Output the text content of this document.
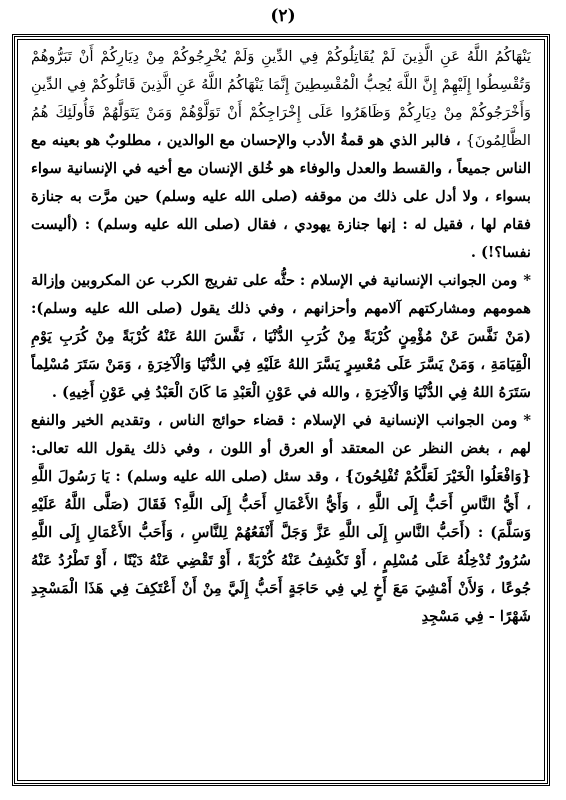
(٢)

يَنْهَاكُمُ اللَّهُ عَنِ الَّذِينَ لَمْ يُقَاتِلُوكُمْ فِي الدِّينِ وَلَمْ يُخْرِجُوكُمْ مِنْ دِيَارِكُمْ أَنْ تَبَرُّوهُمْ وَتُقْسِطُوا إِلَيْهِمْ إِنَّ اللَّهَ يُحِبُّ الْمُقْسِطِينَ إِنَّمَا يَنْهَاكُمُ اللَّهُ عَنِ الَّذِينَ قَاتَلُوكُمْ فِي الدِّينِ وَأَخْرَجُوكُمْ مِنْ دِيَارِكُمْ وَظَاهَرُوا عَلَى إِخْرَاجِكُمْ أَنْ تَوَلَّوْهُمْ وَمَنْ يَتَوَلَّهُمْ فَأُولَئِكَ هُمُ الظَّالِمُونَ} ، فالبر الذي هو قمةُ الأدب والإحسان مع الوالدين ، مطلوبٌ هو بعينه مع الناس جميعاً ، والقسط والعدل والوفاء هو خُلق الإنسان مع أخيه في الإنسانية سواء بسواء ، ولا أدل على ذلك من موقفه (صلى الله عليه وسلم) حين مرَّت به جنازة فقام لها ، فقيل له : إنها جنازة يهودي ، فقال (صلى الله عليه وسلم) : (أليست نفسا؟!) .

*ومن الجوانب الإنسانية في الإسلام : حثُّه على تفريج الكرب عن المكروبين وإزالة همومهم ومشاركتهم آلامهم وأحزانهم ، وفي ذلك يقول (صلى الله عليه وسلم): (مَنْ نَفَّسَ عَنْ مُؤْمِنٍ كُرْبَةً مِنْ كُرَبِ الدُّنْيَا ، نَفَّسَ اللهُ عَنْهُ كُرْبَةً مِنْ كُرَبِ يَوْمِ الْقِيَامَةِ ، وَمَنْ يَسَّرَ عَلَى مُعْسِرٍ يَسَّرَ اللهُ عَلَيْهِ فِي الدُّنْيَا وَالْآخِرَةِ ، وَمَنْ سَتَرَ مُسْلِماً سَتَرَهُ اللهُ فِي الدُّنْيَا وَالْآخِرَةِ ، والله في عَوْنِ الْعَبْدِ مَا كَانَ الْعَبْدُ فِي عَوْنِ أَخِيهِ) .

*ومن الجوانب الإنسانية في الإسلام : قضاء حوائج الناس ، وتقديم الخير والنفع لهم ، بغض النظر عن المعتقد أو العرق أو اللون ، وفي ذلك يقول الله تعالى: {وَافْعَلُوا الْخَيْرَ لَعَلَّكُمْ تُفْلِحُونَ} ، وقد سئل (صلى الله عليه وسلم) : يَا رَسُولَ اللَّهِ ، أَيُّ النَّاسِ أَحَبُّ إِلَى اللَّهِ ، وَأَيُّ الأَعْمَالِ أَحَبُّ إِلَى اللَّهِ؟ فَقَالَ (صَلَّى اللَّهُ عَلَيْهِ وَسَلَّمَ) : (أَحَبُّ النَّاسِ إِلَى اللَّهِ عَزَّ وَجَلَّ أَنْفَعُهُمْ لِلنَّاسِ ، وَأَحَبُّ الأَعْمَالِ إِلَى اللَّهِ سُرُورٌ تُدْخِلُهُ عَلَى مُسْلِمٍ ، أَوْ تَكْشِفُ عَنْهُ كُرْبَةً ، أَوْ تَقْضِي عَنْهُ دَيْنًا ، أَوْ تَطْرُدُ عَنْهُ جُوعًا ، وَلأَنْ أَمْشِيَ مَعَ أَخٍ لِي فِي حَاجَةٍ أَحَبُّ إِلَيَّ مِنْ أَنْ أَعْتَكِفَ فِي هَذَا الْمَسْجِدِ شَهْرًا - فِي مَسْجِدِ
